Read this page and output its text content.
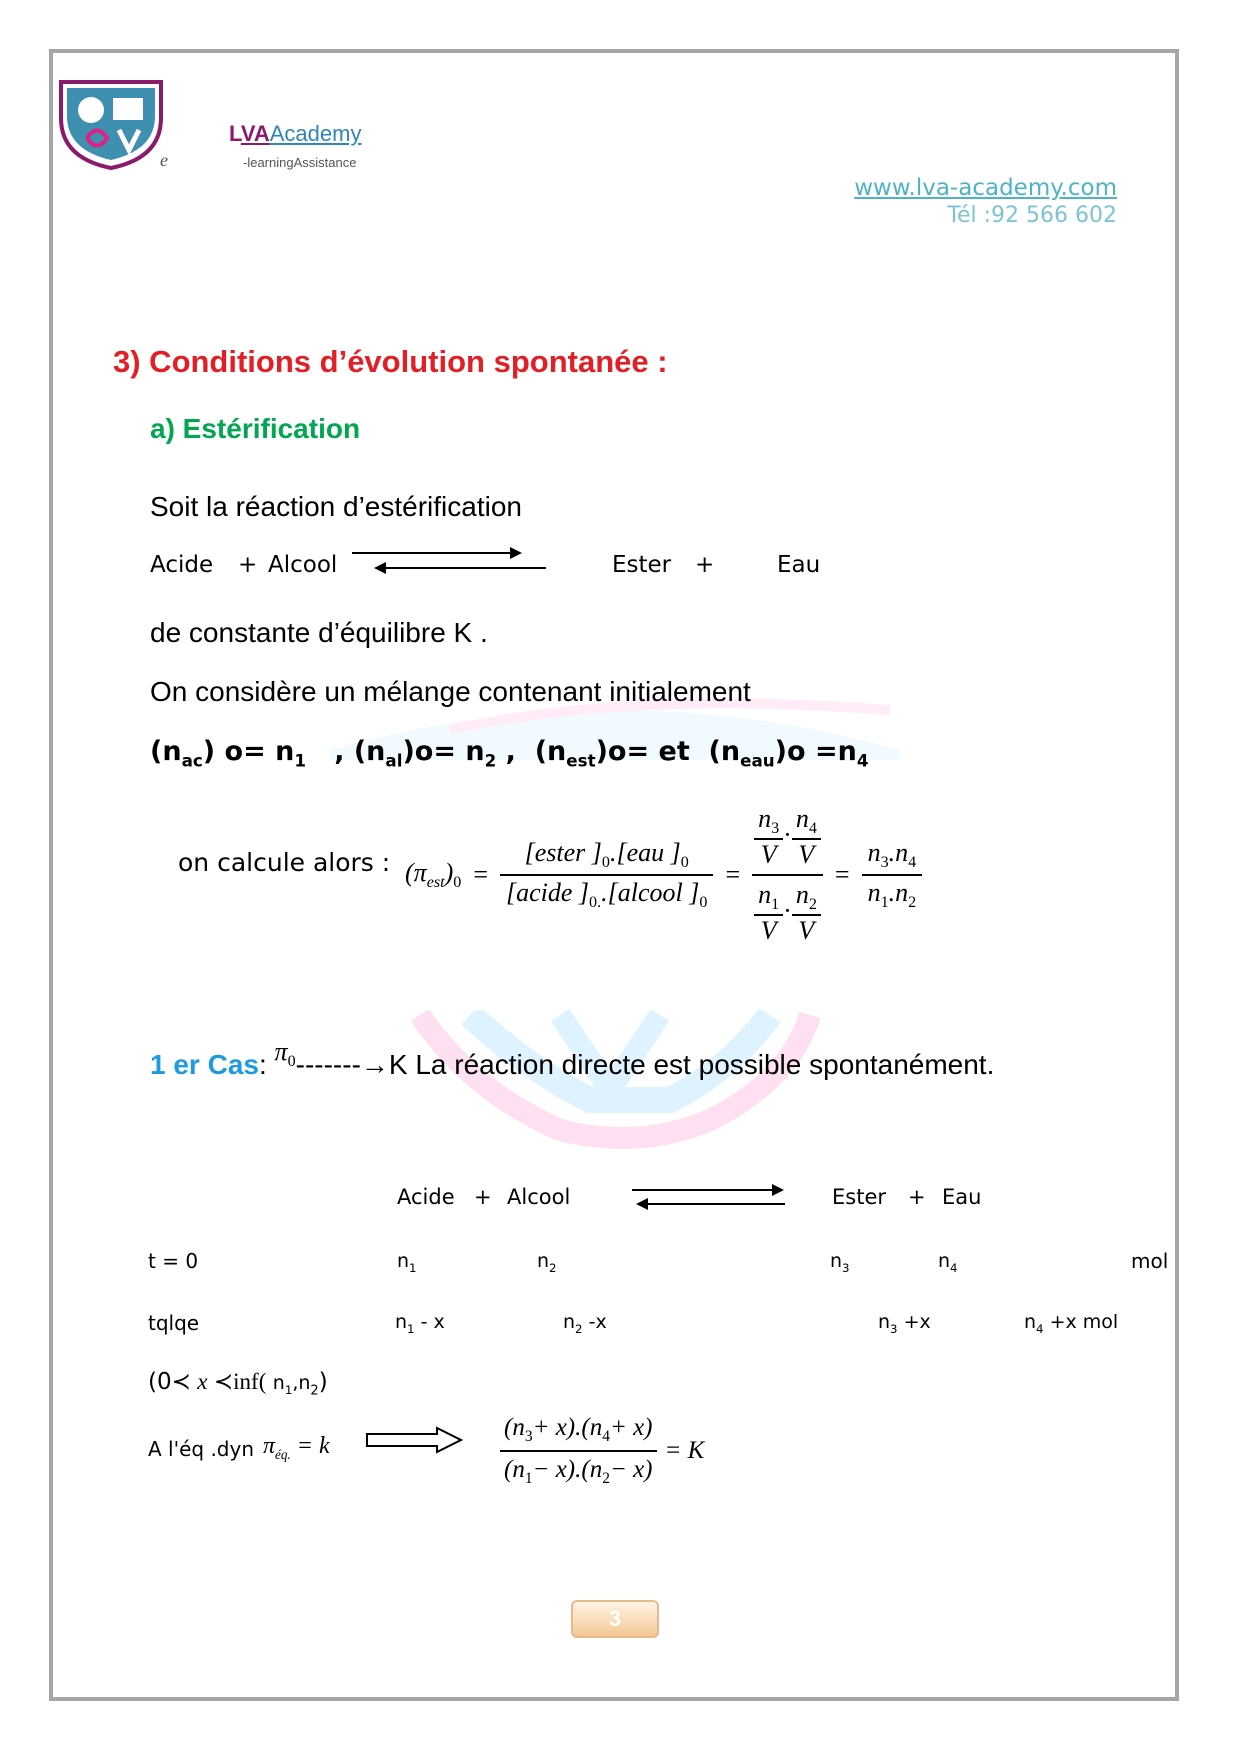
e
LVAAcademy
-learningAssistance
www.lva-academy.com
Tél :92 566 602
3) Conditions d’évolution spontanée :
a) Estérification
Soit la réaction d’estérification
Acide + Alcool	Ester +	Eau
de constante d’équilibre K .
On considère un mélange contenant initialement
$(n_{ac})$ $o= n_1$ , $(n_{al})o= n_2$ , $(n_{est})o=$ et $(n_{eau})o =n_4$
on calcule alors : $(\pi_{est})_0 = \frac{[ester ]_0.[eau ]_0}{[acide ]_{0.}.[alcool ]_0} = \frac{\frac{n_3}{V} \cdot \frac{n_4}{V}}{\frac{n_1}{V} \cdot \frac{n_2}{V}} = \frac{n_3.n_4}{n_1.n_2}$
1 er Cas: $\pi_0-------\to K$ La réaction directe est possible spontanément.
Acide + Alcool	Ester + Eau
t = 0	$n_1$	$n_2$	$n_3$	$n_4$	mol
tqlqe	$n_1$ - x	$n_2$ -x	$n_3 +x$	$n_4 +x$ mol
(0≺ x ≺inf( $n_1,n_2$)
A l'éq .dyn $\pi_{éq.} = k$	$\frac{(n_3+ x).(n_4+ x)}{(n_1- x).(n_2- x)} = K$
3
